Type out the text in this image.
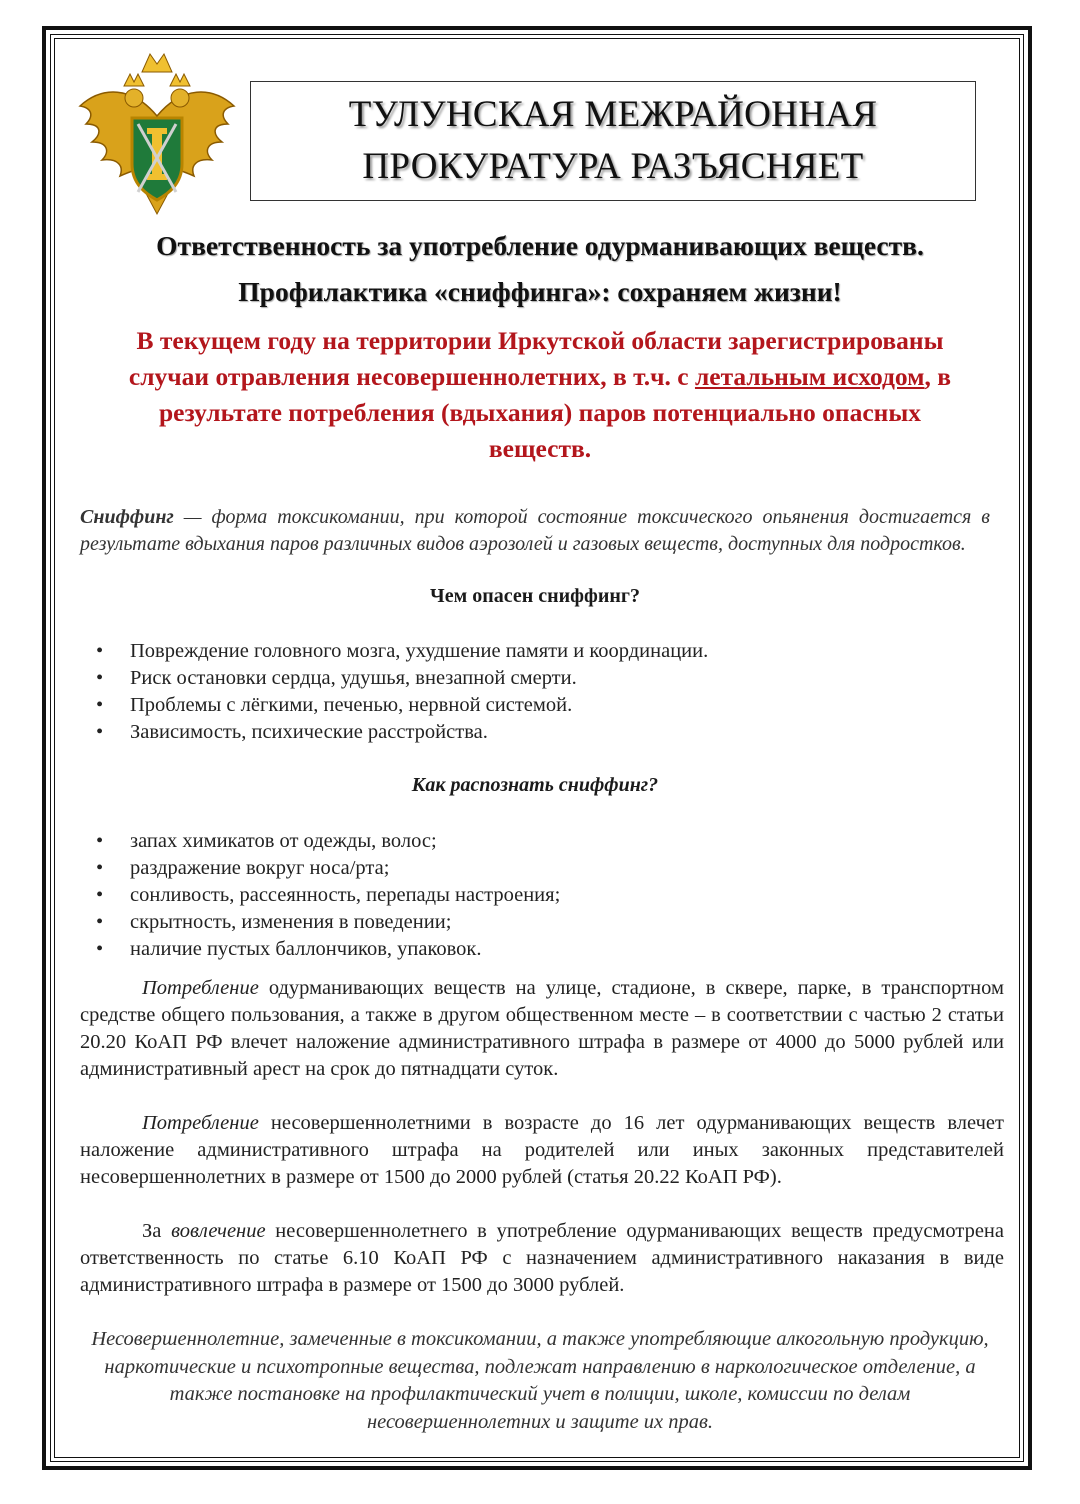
ТУЛУНСКАЯ МЕЖРАЙОННАЯ
ПРОКУРАТУРА РАЗЪЯСНЯЕТ
Ответственность за употребление одурманивающих веществ.
Профилактика «сниффинга»: сохраняем жизни!
В текущем году на территории Иркутской области зарегистрированы
случаи отравления несовершеннолетних, в т.ч. с летальным исходом, в
результате потребления (вдыхания) паров потенциально опасных
веществ.
Сниффинг — форма токсикомании, при которой состояние токсического опьянения достигается в результате вдыхания паров различных видов аэрозолей и газовых веществ, доступных для подростков.
Чем опасен сниффинг?
• Повреждение головного мозга, ухудшение памяти и координации.
• Риск остановки сердца, удушья, внезапной смерти.
• Проблемы с лёгкими, печенью, нервной системой.
• Зависимость, психические расстройства.
Как распознать сниффинг?
• запах химикатов от одежды, волос;
• раздражение вокруг носа/рта;
• сонливость, рассеянность, перепады настроения;
• скрытность, изменения в поведении;
• наличие пустых баллончиков, упаковок.
Потребление одурманивающих веществ на улице, стадионе, в сквере, парке, в транспортном средстве общего пользования, а также в другом общественном месте – в соответствии с частью 2 статьи 20.20 КоАП РФ влечет наложение административного штрафа в размере от 4000 до 5000 рублей или административный арест на срок до пятнадцати суток.
Потребление несовершеннолетними в возрасте до 16 лет одурманивающих веществ влечет наложение административного штрафа на родителей или иных законных представителей несовершеннолетних в размере от 1500 до 2000 рублей (статья 20.22 КоАП РФ).
За вовлечение несовершеннолетнего в употребление одурманивающих веществ предусмотрена ответственность по статье 6.10 КоАП РФ с назначением административного наказания в виде административного штрафа в размере от 1500 до 3000 рублей.
Несовершеннолетние, замеченные в токсикомании, а также употребляющие алкогольную продукцию, наркотические и психотропные вещества, подлежат направлению в наркологическое отделение, а также постановке на профилактический учет в полиции, школе, комиссии по делам несовершеннолетних и защите их прав.
